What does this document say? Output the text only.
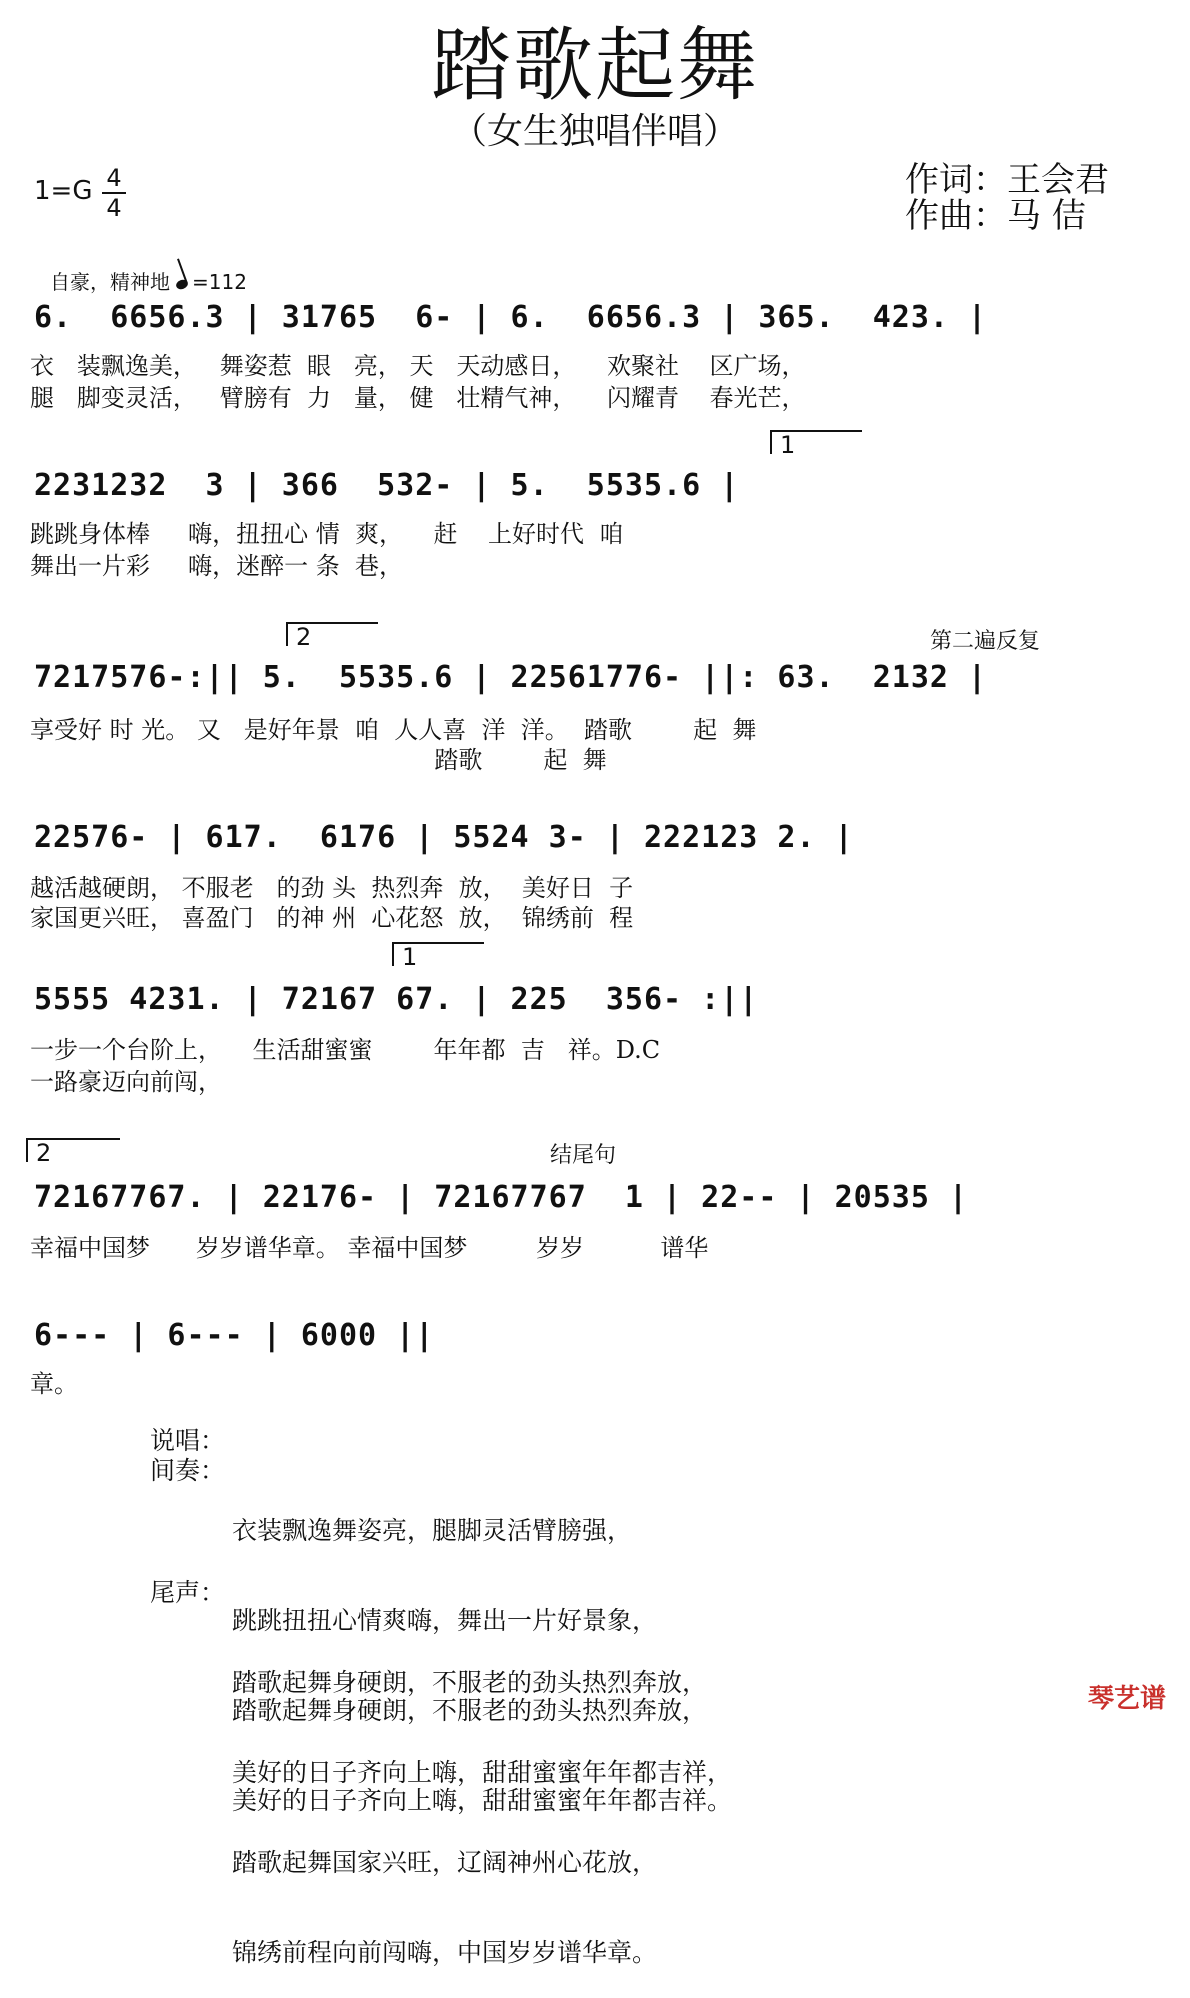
踏歌起舞
（女生独唱伴唱）
1=G 4
4
作词：王会君
作曲：马 佶
自豪，精神地 =112
6.  6656.3 | 31765  6- | 6.  6656.3 | 365.  423. |
衣   装飘逸美，   舞姿惹  眼   亮， 天   天动感日，    欢聚社    区广场，
腿   脚变灵活，   臂膀有  力   量， 健   壮精气神，    闪耀青    春光芒，
1
2231232  3 | 366  532- | 5.  5535.6 |
跳跳身体棒     嗨，扭扭心 情  爽，    赶    上好时代  咱
舞出一片彩     嗨，迷醉一 条  巷，
2	第二遍反复
7217576-:|| 5.  5535.6 | 22561776- ||: 63.  2132 |
享受好 时 光。 又   是好年景  咱  人人喜  洋  洋。  踏歌        起  舞
踏歌        起  舞
22576- | 617.  6176 | 5524 3- | 222123 2. |
越活越硬朗， 不服老   的劲 头  热烈奔  放，  美好日  子
家国更兴旺， 喜盈门   的神 州  心花怒  放，  锦绣前  程
1
5555 4231. | 72167 67. | 225  356- :||
一步一个台阶上，    生活甜蜜蜜        年年都  吉   祥。D.C
一路豪迈向前闯，
2	结尾句
72167767. | 22176- | 72167767  1 | 22-- | 20535 |
幸福中国梦      岁岁谱华章。 幸福中国梦         岁岁          谱华
6--- | 6--- | 6000 ||
章。
说唱：
间奏：

衣装飘逸舞姿亮，腿脚灵活臂膀强，

跳跳扭扭心情爽嗨，舞出一片好景象，

踏歌起舞身硬朗，不服老的劲头热烈奔放，

美好的日子齐向上嗨，甜甜蜜蜜年年都吉祥。

尾声：

踏歌起舞身硬朗，不服老的劲头热烈奔放，

美好的日子齐向上嗨，甜甜蜜蜜年年都吉祥，

踏歌起舞国家兴旺，辽阔神州心花放，

锦绣前程向前闯嗨，中国岁岁谱华章。

琴艺谱
